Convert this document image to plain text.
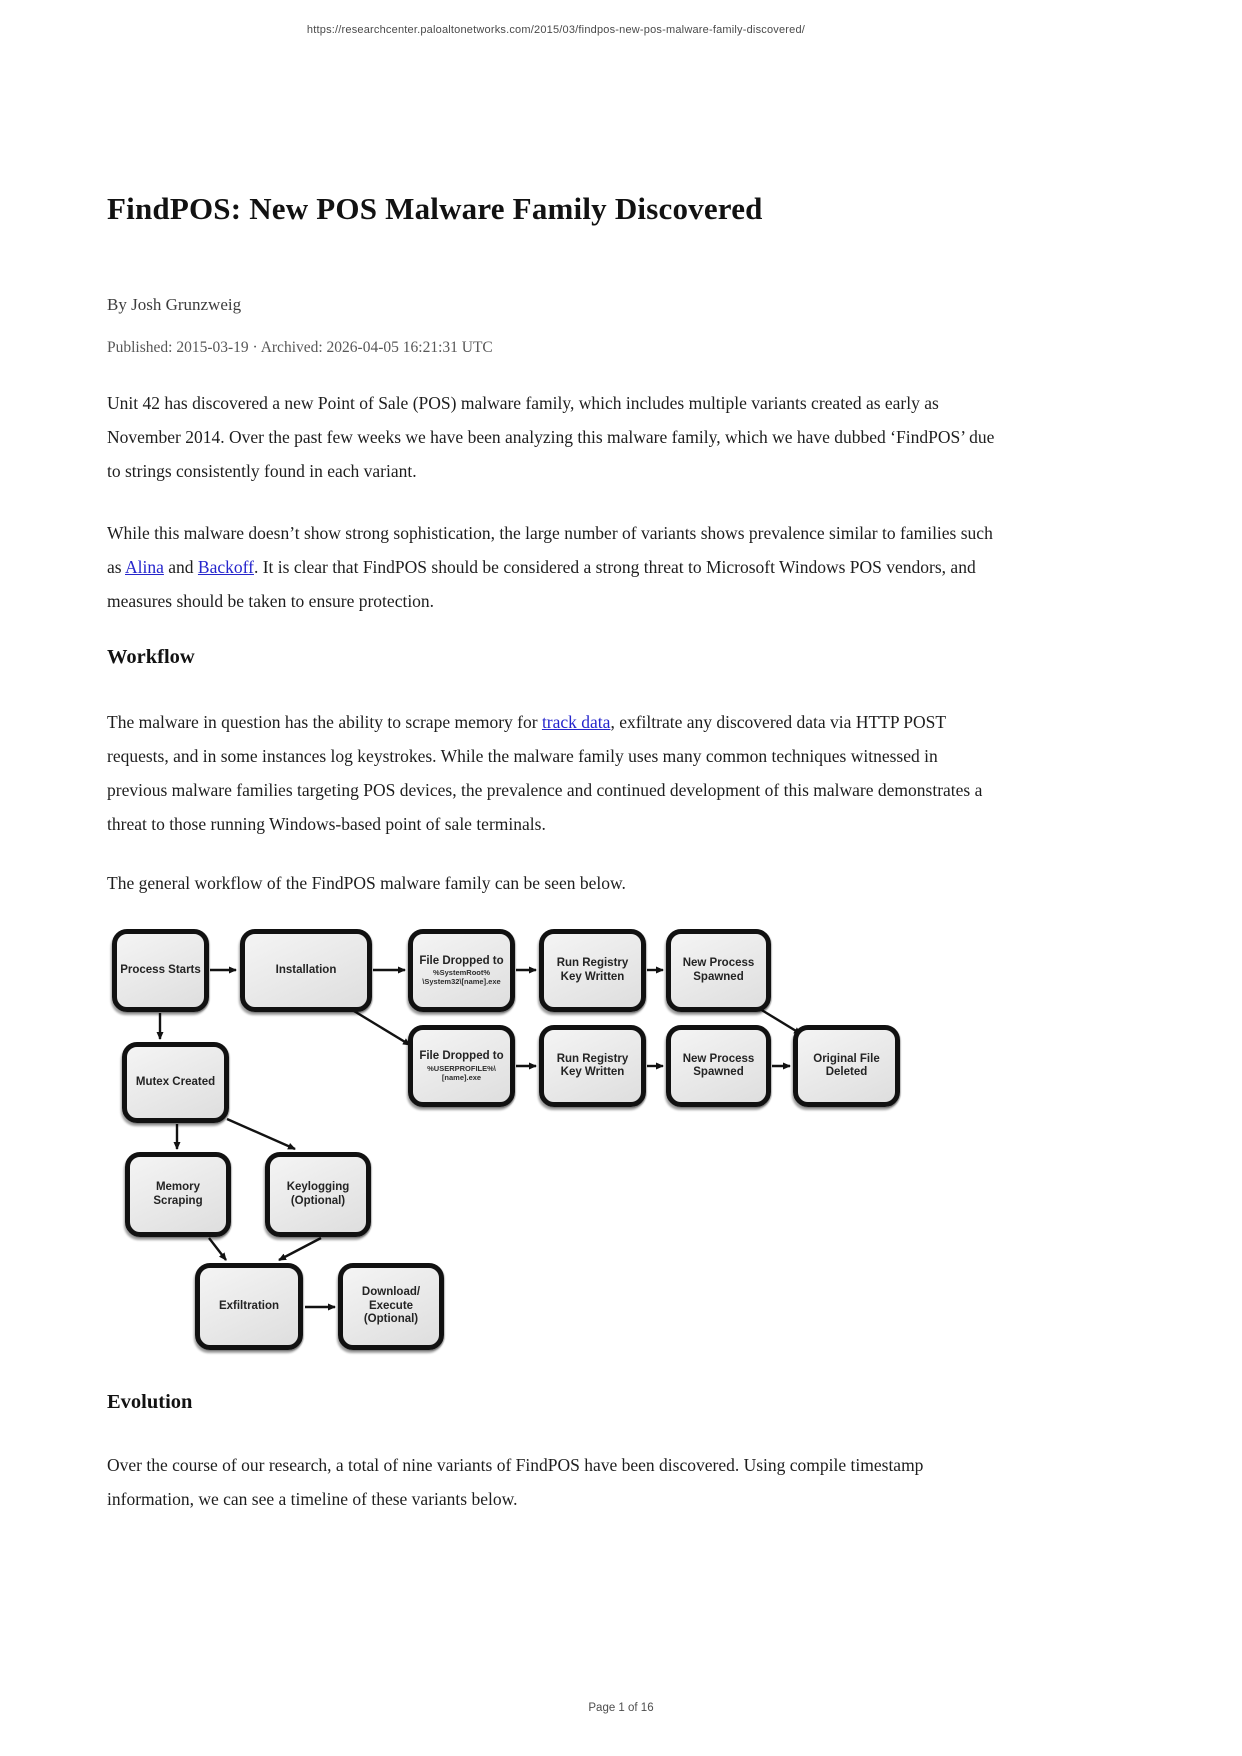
https://researchcenter.paloaltonetworks.com/2015/03/findpos-new-pos-malware-family-discovered/
FindPOS: New POS Malware Family Discovered
By Josh Grunzweig
Published: 2015-03-19 · Archived: 2026-04-05 16:21:31 UTC

Unit 42 has discovered a new Point of Sale (POS) malware family, which includes multiple variants created as early as November 2014. Over the past few weeks we have been analyzing this malware family, which we have dubbed ‘FindPOS’ due to strings consistently found in each variant.

While this malware doesn’t show strong sophistication, the large number of variants shows prevalence similar to families such as Alina and Backoff. It is clear that FindPOS should be considered a strong threat to Microsoft Windows POS vendors, and measures should be taken to ensure protection.

Workflow

The malware in question has the ability to scrape memory for track data, exfiltrate any discovered data via HTTP POST requests, and in some instances log keystrokes. While the malware family uses many common techniques witnessed in previous malware families targeting POS devices, the prevalence and continued development of this malware demonstrates a threat to those running Windows-based point of sale terminals.

The general workflow of the FindPOS malware family can be seen below.

Process Starts	Installation
File Dropped to
%SystemRoot%
\System32\[name].exe
Run Registry Key Written
New Process Spawned
Mutex Created
File Dropped to
%USERPROFILE%\
[name].exe
Run Registry Key Written
New Process Spawned
Original File Deleted
Memory Scraping
Keylogging (Optional)
Exfiltration
Download/ Execute (Optional)
Evolution

Over the course of our research, a total of nine variants of FindPOS have been discovered. Using compile timestamp information, we can see a timeline of these variants below.

Page 1 of 16
